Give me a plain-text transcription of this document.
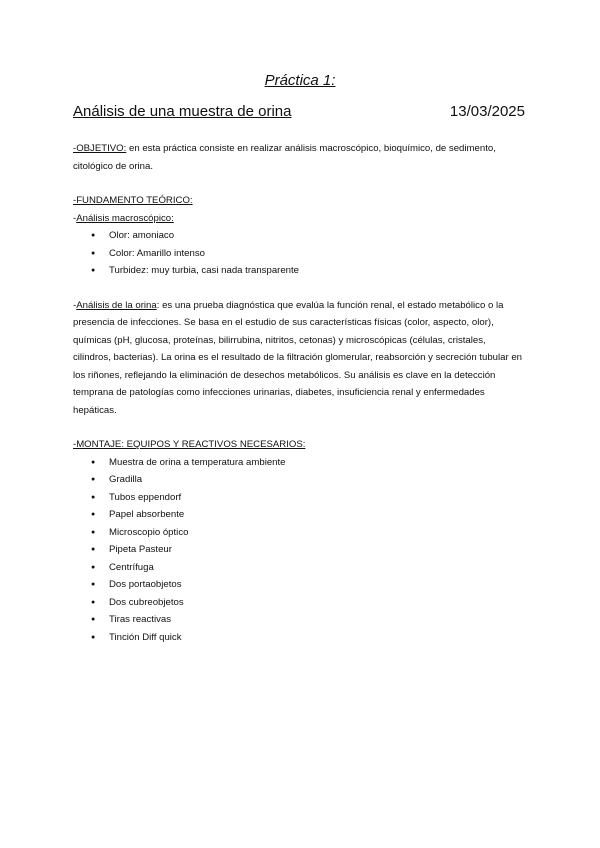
Práctica 1:
Análisis de una muestra de orina	13/03/2025

-OBJETIVO: en esta práctica consiste en realizar análisis macroscópico, bioquímico, de sedimento, citológico de orina.

-FUNDAMENTO TEÓRICO:

-Análisis macroscópico:

● Olor: amoniaco
● Color: Amarillo intenso
● Turbidez: muy turbia, casi nada transparente

-Análisis de la orina: es una prueba diagnóstica que evalúa la función renal, el estado metabólico o la presencia de infecciones. Se basa en el estudio de sus características físicas (color, aspecto, olor), químicas (pH, glucosa, proteínas, bilirrubina, nitritos, cetonas) y microscópicas (células, cristales, cilindros, bacterias). La orina es el resultado de la filtración glomerular, reabsorción y secreción tubular en los riñones, reflejando la eliminación de desechos metabólicos. Su análisis es clave en la detección temprana de patologías como infecciones urinarias, diabetes, insuficiencia renal y enfermedades hepáticas.

-MONTAJE: EQUIPOS Y REACTIVOS NECESARIOS:

● Muestra de orina a temperatura ambiente
● Gradilla
● Tubos eppendorf
● Papel absorbente
● Microscopio óptico
● Pipeta Pasteur
● Centrífuga
● Dos portaobjetos
● Dos cubreobjetos
● Tiras reactivas
● Tinción Diff quick
